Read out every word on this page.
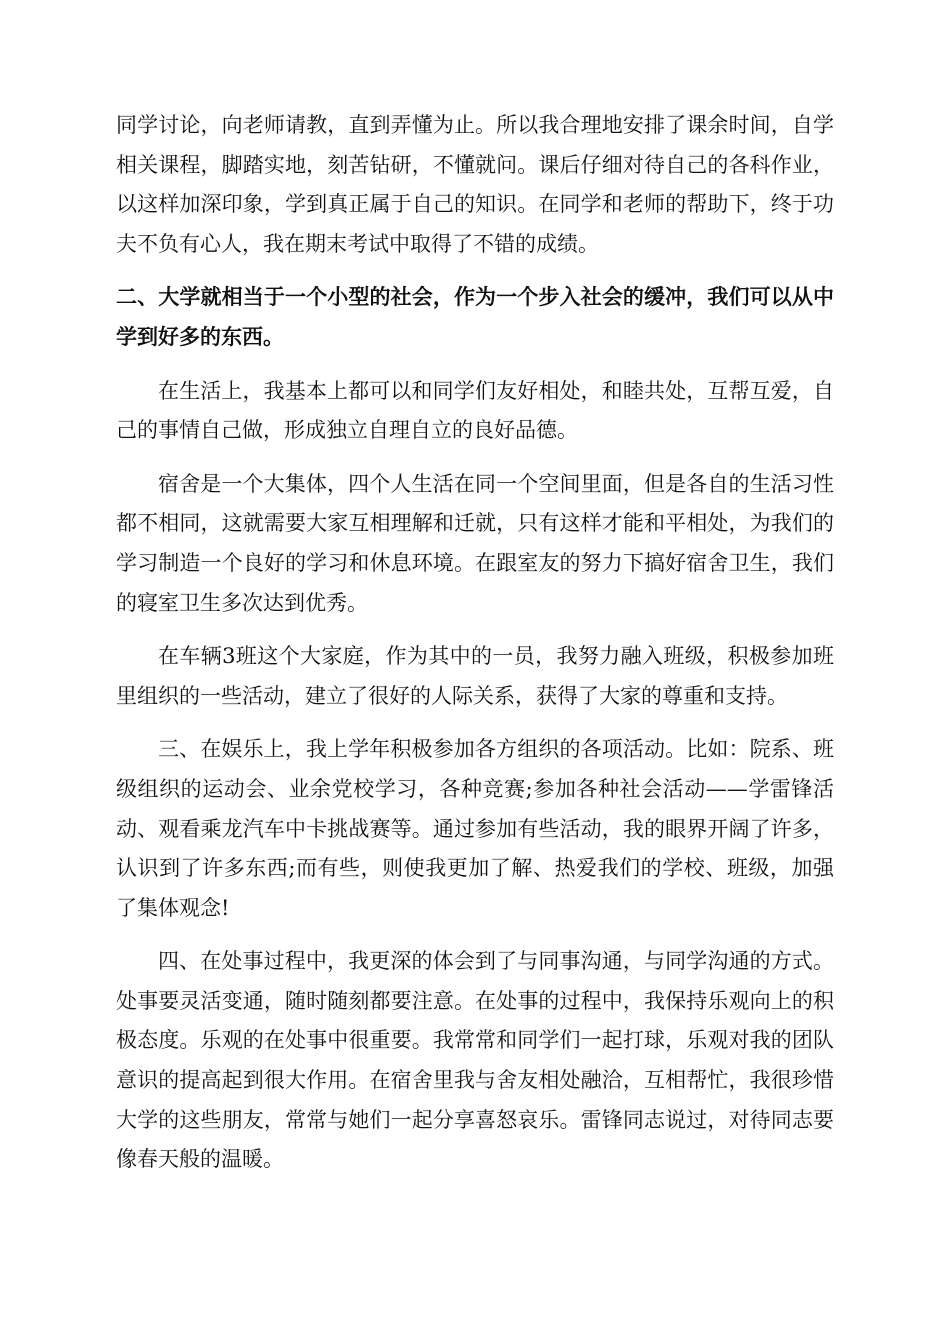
同学讨论，向老师请教，直到弄懂为止。所以我合理地安排了课余时间，自学相关课程，脚踏实地，刻苦钻研，不懂就问。课后仔细对待自己的各科作业，以这样加深印象，学到真正属于自己的知识。在同学和老师的帮助下，终于功夫不负有心人，我在期末考试中取得了不错的成绩。

二、大学就相当于一个小型的社会，作为一个步入社会的缓冲，我们可以从中学到好多的东西。

在生活上，我基本上都可以和同学们友好相处，和睦共处，互帮互爱，自己的事情自己做，形成独立自理自立的良好品德。

宿舍是一个大集体，四个人生活在同一个空间里面，但是各自的生活习性都不相同，这就需要大家互相理解和迁就，只有这样才能和平相处，为我们的学习制造一个良好的学习和休息环境。在跟室友的努力下搞好宿舍卫生，我们的寝室卫生多次达到优秀。

在车辆3班这个大家庭，作为其中的一员，我努力融入班级，积极参加班里组织的一些活动，建立了很好的人际关系，获得了大家的尊重和支持。

三、在娱乐上，我上学年积极参加各方组织的各项活动。比如：院系、班级组织的运动会、业余党校学习，各种竞赛;参加各种社会活动——学雷锋活动、观看乘龙汽车中卡挑战赛等。通过参加有些活动，我的眼界开阔了许多，认识到了许多东西;而有些，则使我更加了解、热爱我们的学校、班级，加强了集体观念!

四、在处事过程中，我更深的体会到了与同事沟通，与同学沟通的方式。处事要灵活变通，随时随刻都要注意。在处事的过程中，我保持乐观向上的积极态度。乐观的在处事中很重要。我常常和同学们一起打球，乐观对我的团队意识的提高起到很大作用。在宿舍里我与舍友相处融洽，互相帮忙，我很珍惜大学的这些朋友，常常与她们一起分享喜怒哀乐。雷锋同志说过，对待同志要像春天般的温暖。
